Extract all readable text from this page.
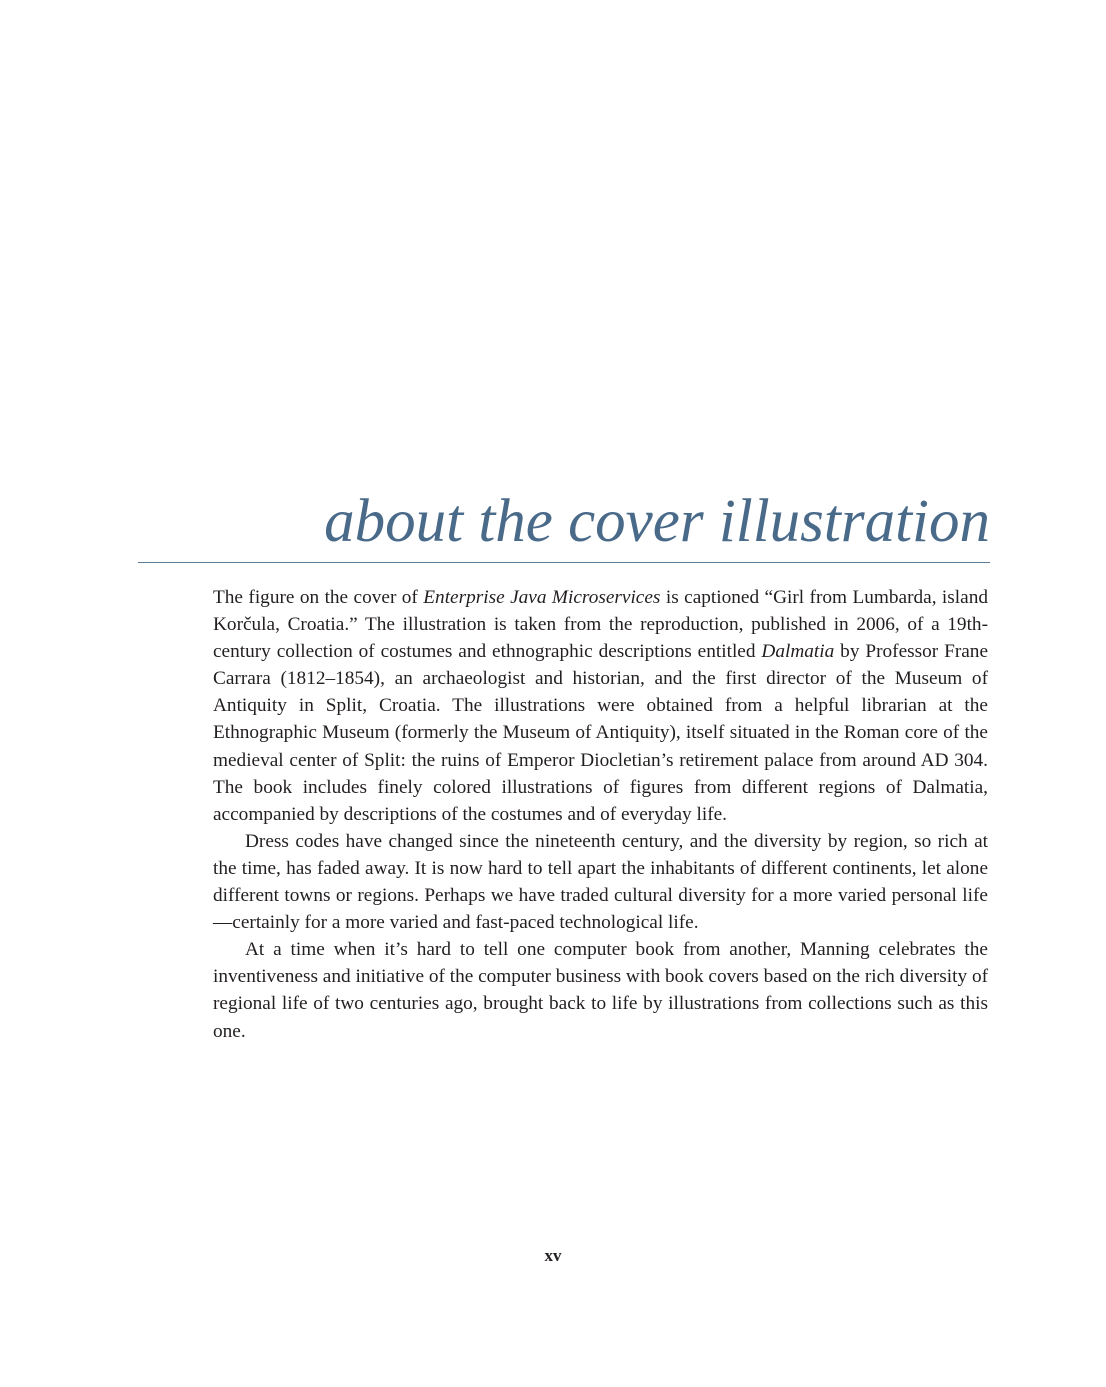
about the cover illustration

The figure on the cover of Enterprise Java Microservices is captioned “Girl from Lumbarda, island Korčula, Croatia.” The illustration is taken from the reproduction, published in 2006, of a 19th-century collection of costumes and ethnographic descriptions entitled Dalmatia by Professor Frane Carrara (1812–1854), an archaeologist and historian, and the first director of the Museum of Antiquity in Split, Croatia. The illustrations were obtained from a helpful librarian at the Ethnographic Museum (formerly the Museum of Antiquity), itself situated in the Roman core of the medieval center of Split: the ruins of Emperor Diocletian’s retirement palace from around AD 304. The book includes finely colored illustrations of figures from different regions of Dalmatia, accompanied by descriptions of the costumes and of everyday life.

Dress codes have changed since the nineteenth century, and the diversity by region, so rich at the time, has faded away. It is now hard to tell apart the inhabitants of different continents, let alone different towns or regions. Perhaps we have traded cultural diversity for a more varied personal life—certainly for a more varied and fast-paced technological life.

At a time when it’s hard to tell one computer book from another, Manning celebrates the inventiveness and initiative of the computer business with book covers based on the rich diversity of regional life of two centuries ago, brought back to life by illustrations from collections such as this one.

xv
